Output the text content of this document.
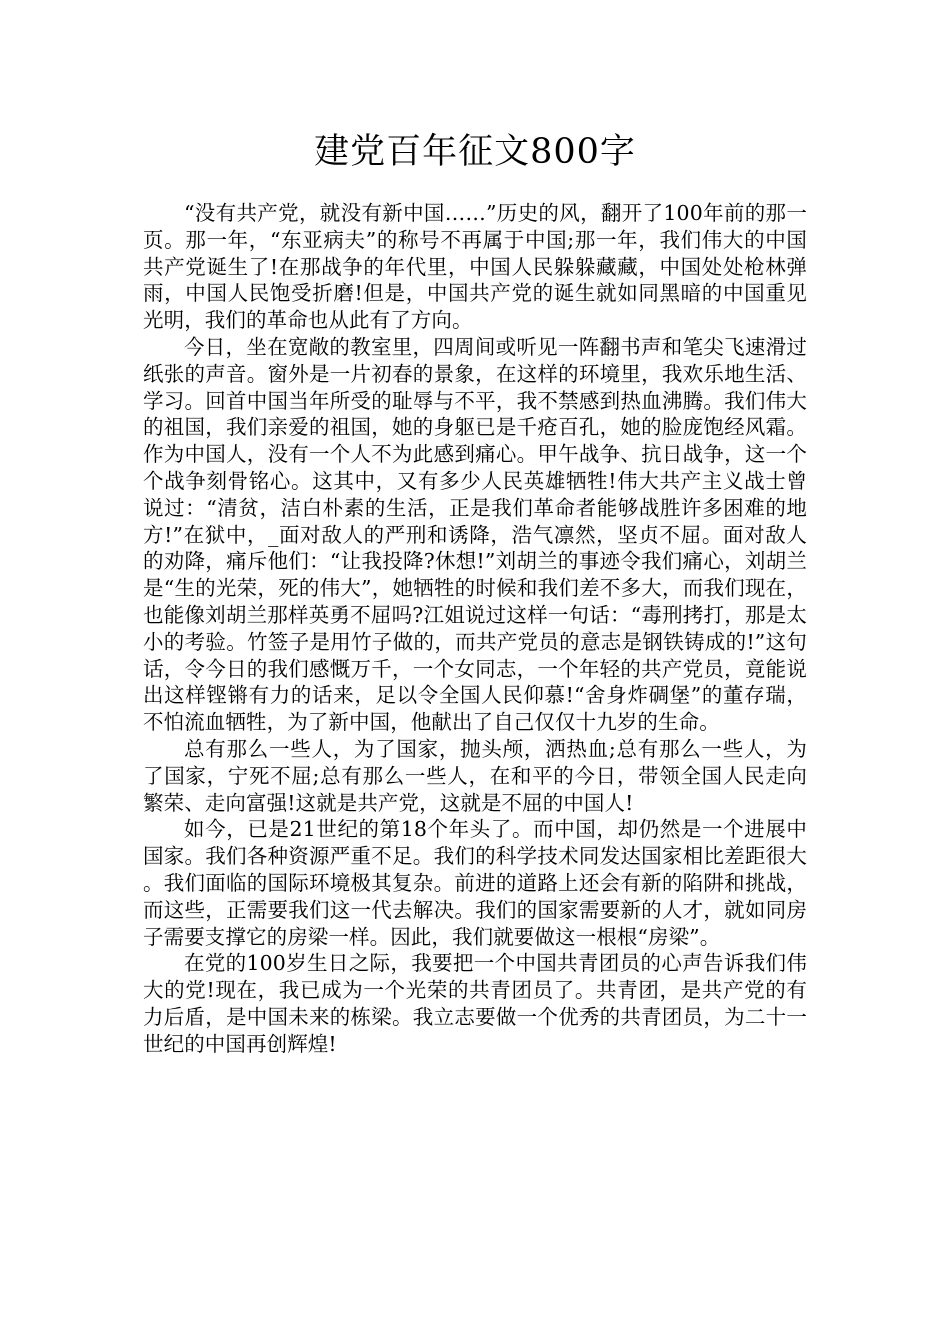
建党百年征文800字

“没有共产党，就没有新中国……”历史的风，翻开了100年前的那一页。那一年，“东亚病夫”的称号不再属于中国;那一年，我们伟大的中国共产党诞生了!在那战争的年代里，中国人民躲躲藏藏，中国处处枪林弹雨，中国人民饱受折磨!但是，中国共产党的诞生就如同黑暗的中国重见光明，我们的革命也从此有了方向。

今日，坐在宽敞的教室里，四周间或听见一阵翻书声和笔尖飞速滑过纸张的声音。窗外是一片初春的景象，在这样的环境里，我欢乐地生活、学习。回首中国当年所受的耻辱与不平，我不禁感到热血沸腾。我们伟大的祖国，我们亲爱的祖国，她的身躯已是千疮百孔，她的脸庞饱经风霜。作为中国人，没有一个人不为此感到痛心。甲午战争、抗日战争，这一个个战争刻骨铭心。这其中，又有多少人民英雄牺牲!伟大共产主义战士曾说过：“清贫，洁白朴素的生活，正是我们革命者能够战胜许多困难的地方!”在狱中，_面对敌人的严刑和诱降，浩气凛然，坚贞不屈。面对敌人的劝降，痛斥他们：“让我投降?休想!”刘胡兰的事迹令我们痛心，刘胡兰是“生的光荣，死的伟大”，她牺牲的时候和我们差不多大，而我们现在，也能像刘胡兰那样英勇不屈吗?江姐说过这样一句话：“毒刑拷打，那是太小的考验。竹签子是用竹子做的，而共产党员的意志是钢铁铸成的!”这句话，令今日的我们感慨万千，一个女同志，一个年轻的共产党员，竟能说出这样铿锵有力的话来，足以令全国人民仰慕!“舍身炸碉堡”的董存瑞，不怕流血牺牲，为了新中国，他献出了自己仅仅十九岁的生命。

总有那么一些人，为了国家，抛头颅，洒热血;总有那么一些人，为了国家，宁死不屈;总有那么一些人，在和平的今日，带领全国人民走向繁荣、走向富强!这就是共产党，这就是不屈的中国人!

如今，已是21世纪的第18个年头了。而中国，却仍然是一个进展中国家。我们各种资源严重不足。我们的科学技术同发达国家相比差距很大。我们面临的国际环境极其复杂。前进的道路上还会有新的陷阱和挑战，而这些，正需要我们这一代去解决。我们的国家需要新的人才，就如同房子需要支撑它的房梁一样。因此，我们就要做这一根根“房梁”。

在党的100岁生日之际，我要把一个中国共青团员的心声告诉我们伟大的党!现在，我已成为一个光荣的共青团员了。共青团，是共产党的有力后盾，是中国未来的栋梁。我立志要做一个优秀的共青团员，为二十一世纪的中国再创辉煌!
